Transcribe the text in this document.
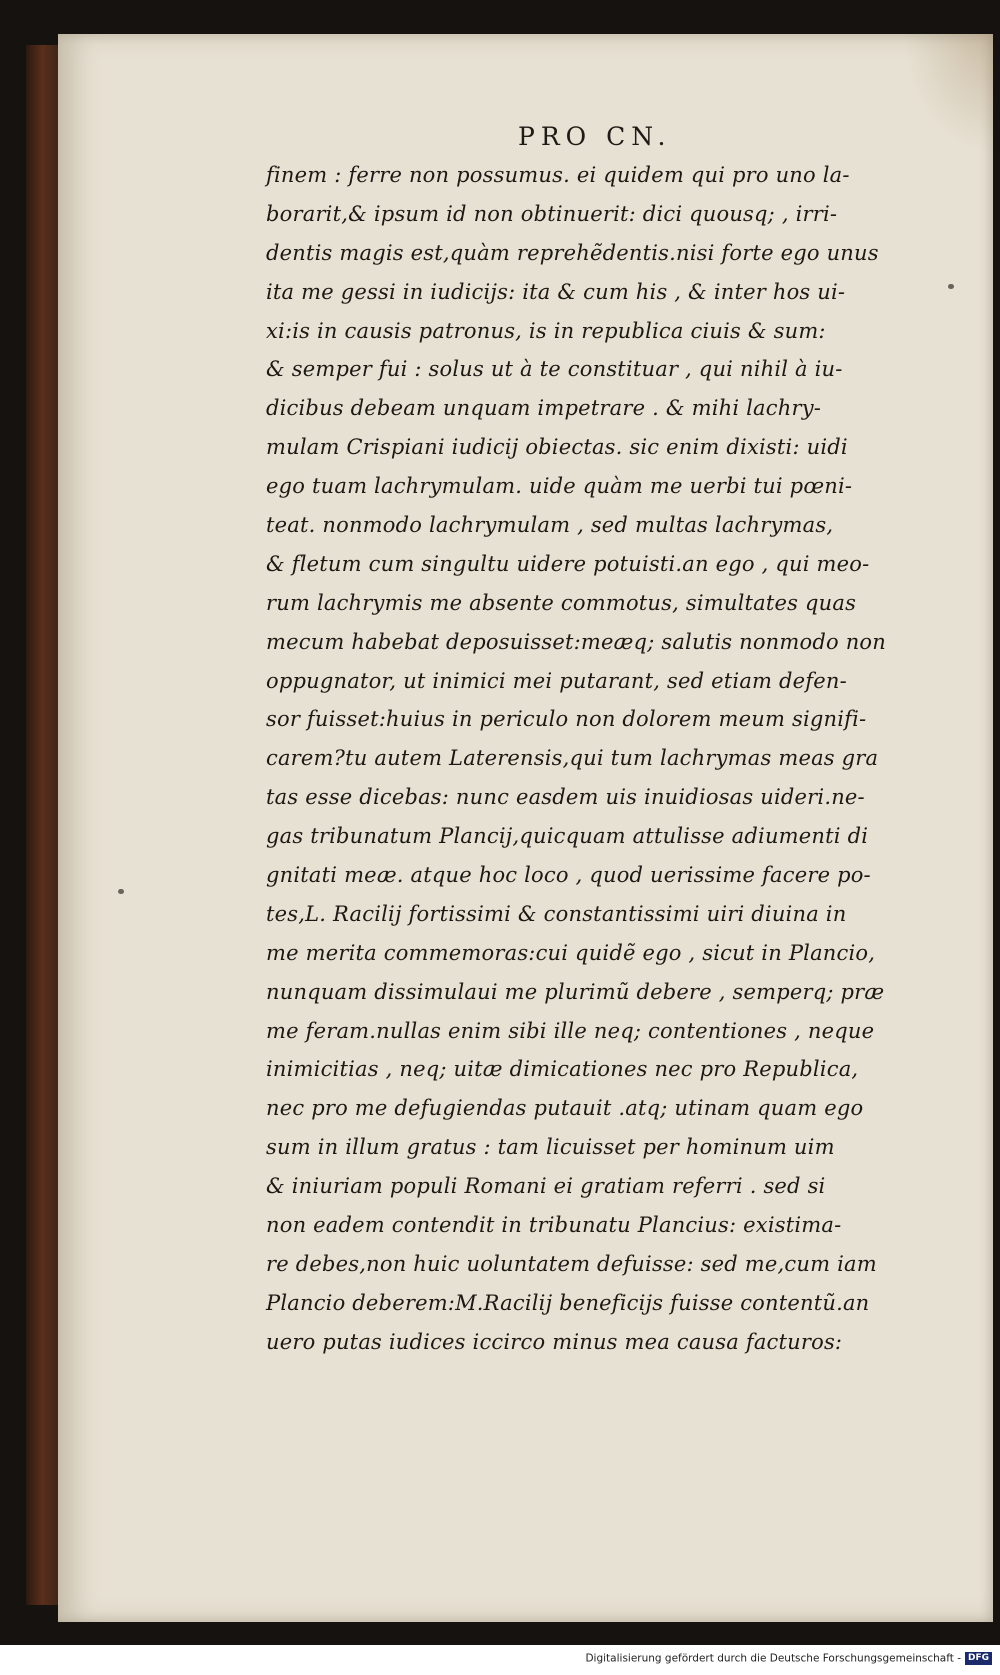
PRO CN.
finem : ferre non possumus. ei quidem qui pro uno la-
borarit,& ipsum id non obtinuerit: dici quousq; , irri-
dentis magis est,quàm reprehẽdentis.nisi forte ego unus
ita me gessi in iudicijs: ita & cum his , & inter hos ui-
xi:is in causis patronus, is in republica ciuis & sum:
& semper fui : solus ut à te constituar , qui nihil à iu-
dicibus debeam unquam impetrare . & mihi lachry-
mulam Crispiani iudicij obiectas. sic enim dixisti: uidi
ego tuam lachrymulam. uide quàm me uerbi tui pœni-
teat. nonmodo lachrymulam , sed multas lachrymas,
& fletum cum singultu uidere potuisti.an ego , qui meo-
rum lachrymis me absente commotus, simultates quas
mecum habebat deposuisset:meæq; salutis nonmodo non
oppugnator, ut inimici mei putarant, sed etiam defen-
sor fuisset:huius in periculo non dolorem meum signifi-
carem?tu autem Laterensis,qui tum lachrymas meas gra
tas esse dicebas: nunc easdem uis inuidiosas uideri.ne-
gas tribunatum Plancij,quicquam attulisse adiumenti di
gnitati meæ. atque hoc loco , quod uerissime facere po-
tes,L. Racilij fortissimi & constantissimi uiri diuina in
me merita commemoras:cui quidẽ ego , sicut in Plancio,
nunquam dissimulaui me plurimũ debere , semperq; præ
me feram.nullas enim sibi ille neq; contentiones , neque
inimicitias , neq; uitæ dimicationes nec pro Republica,
nec pro me defugiendas putauit .atq; utinam quam ego
sum in illum gratus : tam licuisset per hominum uim
& iniuriam populi Romani ei gratiam referri . sed si
non eadem contendit in tribunatu Plancius: existima-
re debes,non huic uoluntatem defuisse: sed me,cum iam
Plancio deberem:M.Racilij beneficijs fuisse contentũ.an
uero putas iudices iccirco minus mea causa facturos:
Digitalisierung gefördert durch die Deutsche Forschungsgemeinschaft - DFG
